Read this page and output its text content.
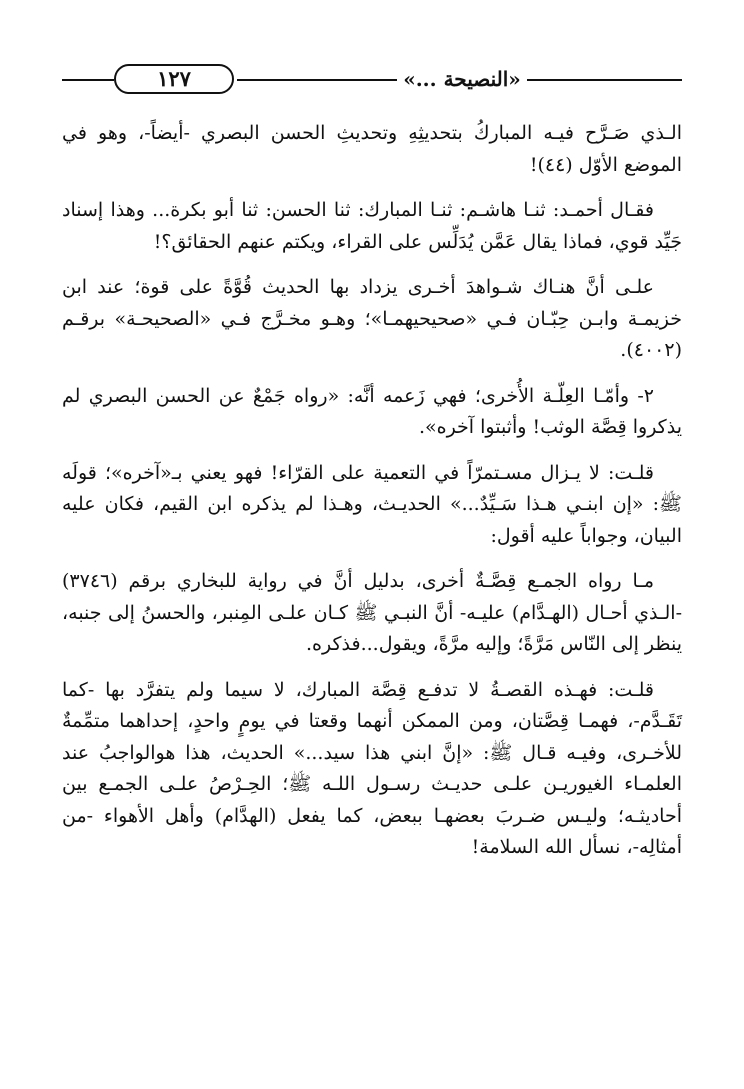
١٢٧	«النصيحة ...»

الـذي صَـرَّح فيـه المباركُ بتحديثِهِ وتحديثِ الحسن البصري -أيضاً-، وهو في الموضع الأوّل (٤٤)!

فقـال أحمـد: ثنـا هاشـم: ثنـا المبارك: ثنا الحسن: ثنا أبو بكرة... وهذا إسناد جَيِّد قوي، فماذا يقال عَمَّن يُدَلِّس على القراء، ويكتم عنهم الحقائق؟!

علـى أنَّ هنـاك شـواهدَ أخـرى يزداد بها الحديث قُوَّةً على قوة؛ عند ابن خزيمـة وابـن حِبّـان فـي «صحيحيهمـا»؛ وهـو مخـرَّج فـي «الصحيحـة» برقـم (٤٠٠٢).

٢- وأمّـا العِلّـة الأُخرى؛ فهي زَعمه أنَّه: «رواه جَمْعٌ عن الحسن البصري لم يذكروا قِصَّة الوثب! وأثبتوا آخره».

قلـت: لا يـزال مسـتمرّاً في التعمية على القرّاء! فهو يعني بـ«آخره»؛ قولَه ﷺ: «إن ابنـي هـذا سَـيِّدٌ...» الحديـث، وهـذا لم يذكره ابن القيم، فكان عليه البيان، وجواباً عليه أقول:

مـا رواه الجمـع قِصَّـةٌ أخرى، بدليل أنَّ في رواية للبخاري برقم (٣٧٤٦) -الـذي أحـال (الهـدَّام) عليـه- أنَّ النبـي ﷺ كـان علـى المِنبر، والحسنُ إلى جنبه، ينظر إلى النّاس مَرَّةً؛ وإليه مرَّةً، ويقول...فذكره.

قلـت: فهـذه القصـةُ لا تدفـع قِصَّة المبارك، لا سيما ولم يتفرَّد بها -كما تَقَـدَّم-، فهمـا قِصَّتان، ومن الممكن أنهما وقعتا في يومٍ واحدٍ، إحداهما متمِّمةٌ للأخـرى، وفيـه قـال ﷺ: «إنَّ ابني هذا سيد...» الحديث، هذا هوالواجبُ عند العلمـاء الغيوريـن علـى حديـث رسـول اللـه ﷺ؛ الحِـرْصُ علـى الجمـع بين أحاديثـه؛ وليـس ضـربَ بعضهـا ببعض، كما يفعل (الهدَّام) وأهل الأهواء -من أمثالِه-، نسأل الله السلامة!
